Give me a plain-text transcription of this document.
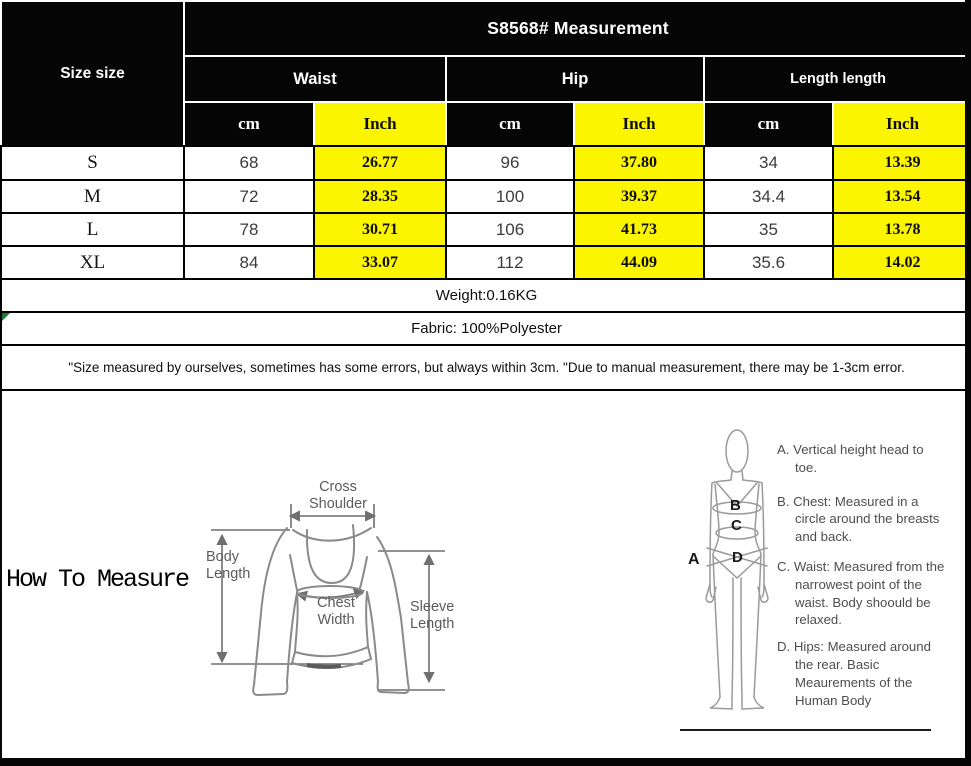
Size size	S8568# Measurement					
	Waist		Hip		Length length	
	cm	Inch	cm	Inch	cm	Inch
S	68	26.77	96	37.80	34	13.39
M	72	28.35	100	39.37	34.4	13.54
L	78	30.71	106	41.73	35	13.78
XL	84	33.07	112	44.09	35.6	14.02
Weight:0.16KG						

Fabric: 100%Polyester						
"Size measured by ourselves, sometimes has some errors, but always within 3cm. "Due to manual measurement, there may be 1-3cm error.						
How To Measure
Cross Shoulder
Body Length
Chest Width
Sleeve Length
A
B
C
D
A. Vertical height head to toe.
B. Chest: Measured in a circle around the breasts and back.
C. Waist: Measured from the narrowest point of the waist. Body shoould be relaxed.
D. Hips: Measured around the rear. Basic Meaurements of the Human Body
